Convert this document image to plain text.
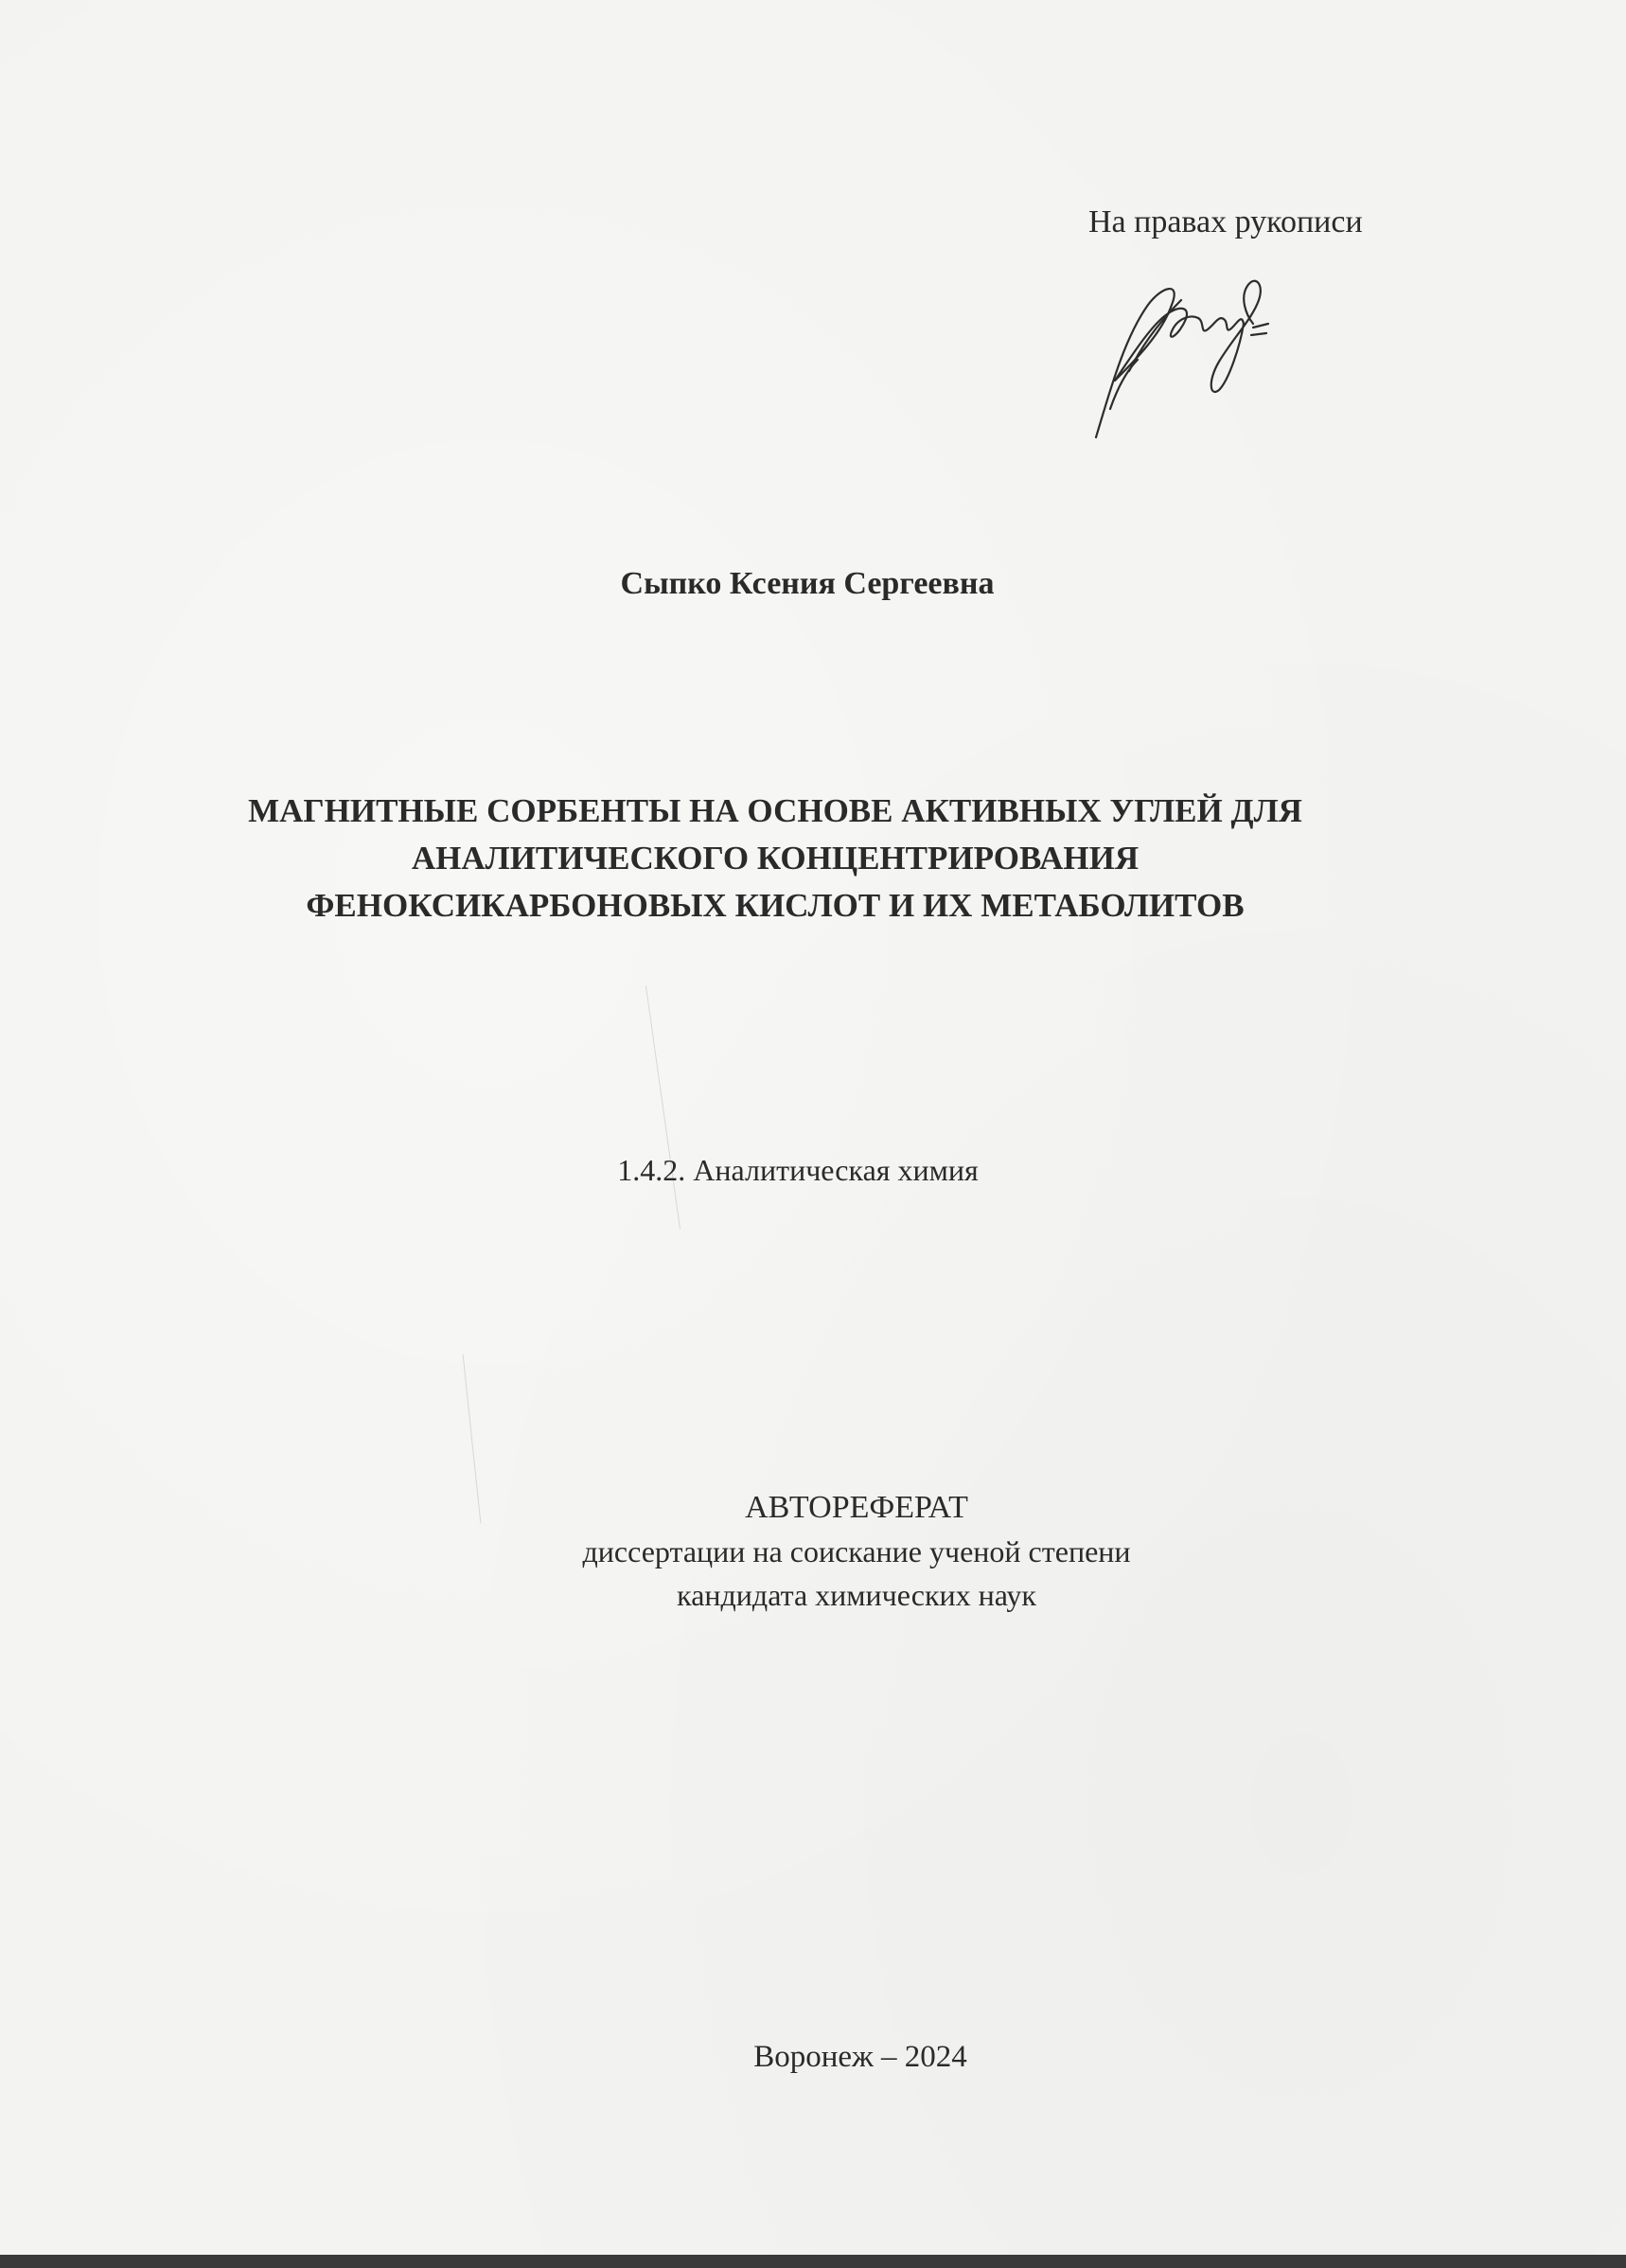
На правах рукописи
Сыпко Ксения Сергеевна
МАГНИТНЫЕ СОРБЕНТЫ НА ОСНОВЕ АКТИВНЫХ УГЛЕЙ ДЛЯ
АНАЛИТИЧЕСКОГО КОНЦЕНТРИРОВАНИЯ
ФЕНОКСИКАРБОНОВЫХ КИСЛОТ И ИХ МЕТАБОЛИТОВ
1.4.2. Аналитическая химия
АВТОРЕФЕРАТ
диссертации на соискание ученой степени
кандидата химических наук
Воронеж – 2024
